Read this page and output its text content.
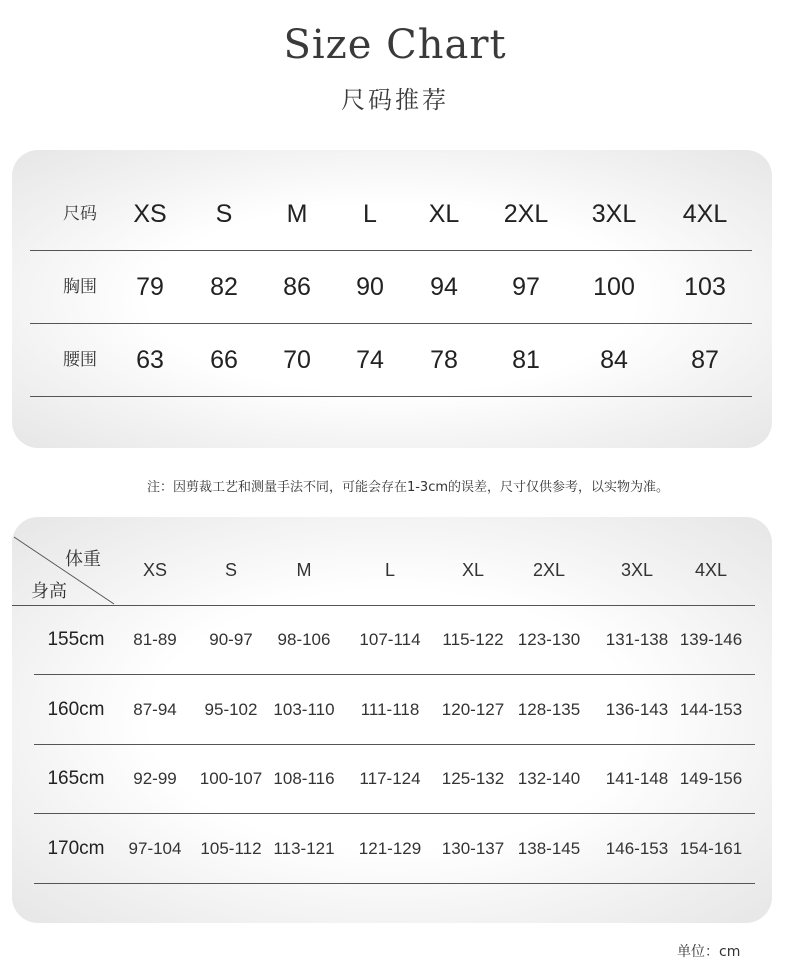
Size Chart
尺码推荐
尺码 XS S M L XL 2XL 3XL 4XL
胸围 79 82 86 90 94 97 100 103
腰围 63 66 70 74 78 81 84	87
注：因剪裁工艺和测量手法不同，可能会存在1-3cm的误差，尺寸仅供参考，以实物为准。
体重
身高
XS	S	M	L	XL	2XL	3XL 4XL
155cm 81-89 90-97 98-106 107-114 115-122 123-130 131-138 139-146
160cm 87-94 95-102 103-110 111-118 120-127 128-135 136-143 144-153
165cm 92-99 100-107 108-116 117-124 125-132 132-140 141-148 149-156
170cm 97-104 105-112 113-121 121-129 130-137 138-145 146-153 154-161
单位：cm
